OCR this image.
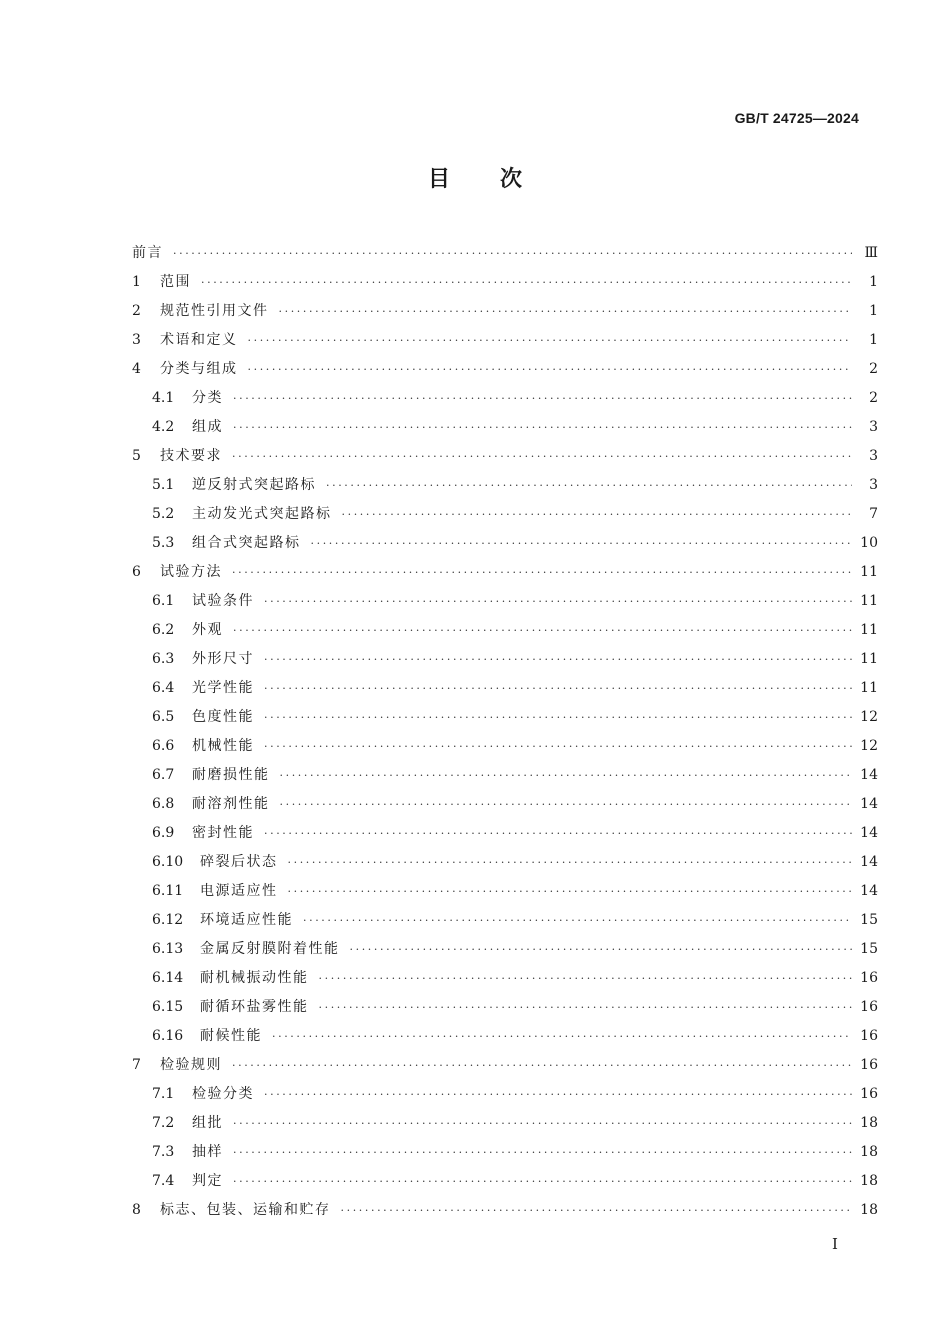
GB/T 24725—2024
目 次
前言 ·····	Ⅲ
1	范围 ·····	1
2	规范性引用文件 ·····	1
3	术语和定义 ·····	1
4	分类与组成 ·····	2
4.1	分类 ·····	2
4.2	组成 ·····	3
5	技术要求 ·····	3
5.1	逆反射式突起路标 ·····	3
5.2	主动发光式突起路标 ·····	7
5.3	组合式突起路标 ·····	10
6	试验方法 ·····	11
6.1	试验条件 ·····	11
6.2	外观 ·····	11
6.3	外形尺寸 ·····	11
6.4	光学性能 ·····	11
6.5	色度性能 ·····	12
6.6	机械性能 ·····	12
6.7	耐磨损性能 ·····	14
6.8	耐溶剂性能 ·····	14
6.9	密封性能 ·····	14
6.10	碎裂后状态 ·····	14
6.11	电源适应性 ·····	14
6.12	环境适应性能 ·····	15
6.13	金属反射膜附着性能 ·····	15
6.14	耐机械振动性能 ·····	16
6.15	耐循环盐雾性能 ·····	16
6.16	耐候性能 ·····	16
7	检验规则 ·····	16
7.1	检验分类 ·····	16
7.2	组批 ·····	18
7.3	抽样 ·····	18
7.4	判定 ·····	18
8	标志、包装、运输和贮存 ·····	18
I
